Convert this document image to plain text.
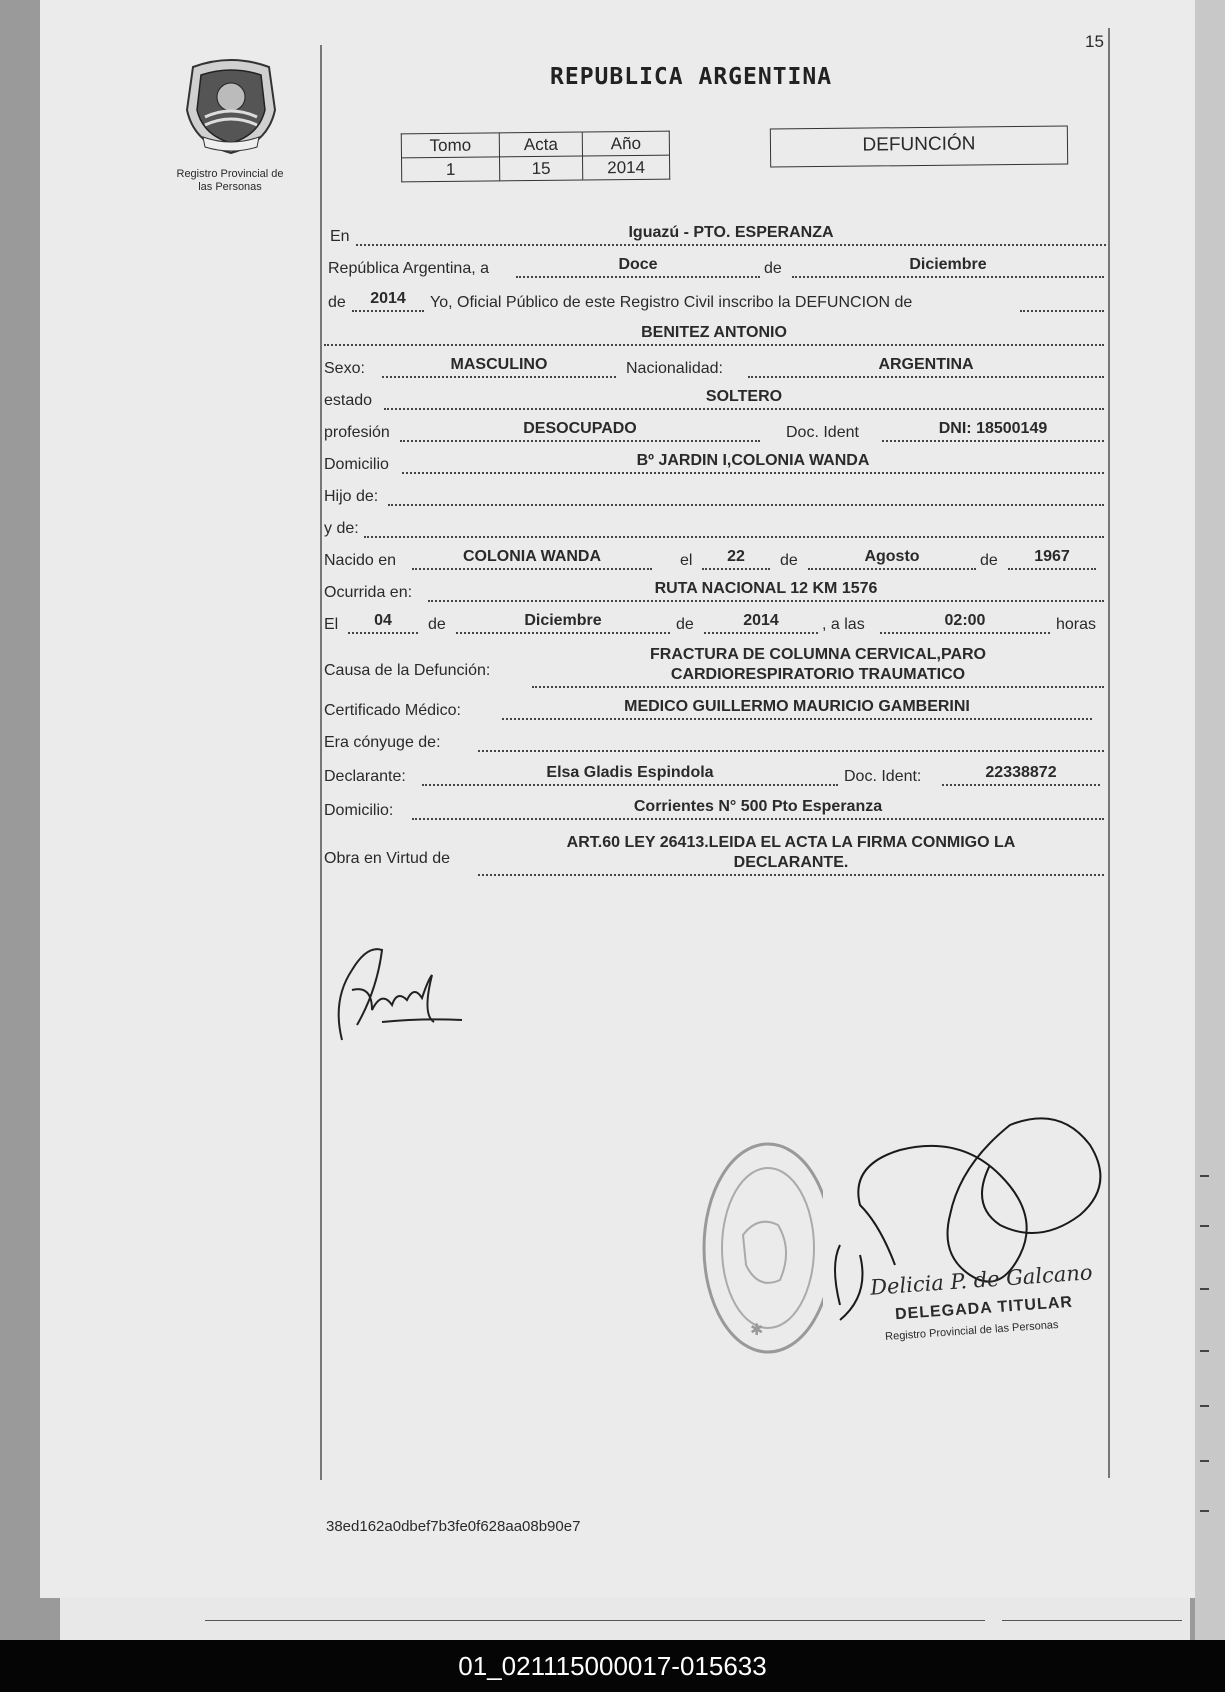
15
Registro Provincial de
las Personas
REPUBLICA ARGENTINA
Tomo	Acta	Año
1	15	2014
DEFUNCIÓN
En	Iguazú - PTO. ESPERANZA
República Argentina, a	Doce	de	Diciembre
de	2014	Yo, Oficial Público de este Registro Civil inscribo la DEFUNCION de
BENITEZ ANTONIO
Sexo:	MASCULINO	Nacionalidad:	ARGENTINA
estado	SOLTERO
profesión	DESOCUPADO	Doc. Ident	DNI: 18500149
Domicilio	Bº JARDIN I,COLONIA WANDA
Hijo de:
y de:
Nacido en	COLONIA WANDA	el	22	de	Agosto	de	1967
Ocurrida en:	RUTA NACIONAL 12 KM 1576
El	04	de	Diciembre	de	2014	, a las	02:00	horas
Causa de la Defunción:
FRACTURA DE COLUMNA CERVICAL,PARO CARDIORESPIRATORIO TRAUMATICO
Certificado Médico:	MEDICO GUILLERMO MAURICIO GAMBERINI
Era cónyuge de:
Declarante:	Elsa Gladis Espindola	Doc. Ident:	22338872
Domicilio:	Corrientes N° 500 Pto Esperanza
Obra en Virtud de
ART.60 LEY 26413.LEIDA EL ACTA LA FIRMA CONMIGO LA DECLARANTE.
✱
Delicia P. de Galcano
DELEGADA TITULAR
Registro Provincial de las Personas
38ed162a0dbef7b3fe0f628aa08b90e7
01_021115000017-015633
